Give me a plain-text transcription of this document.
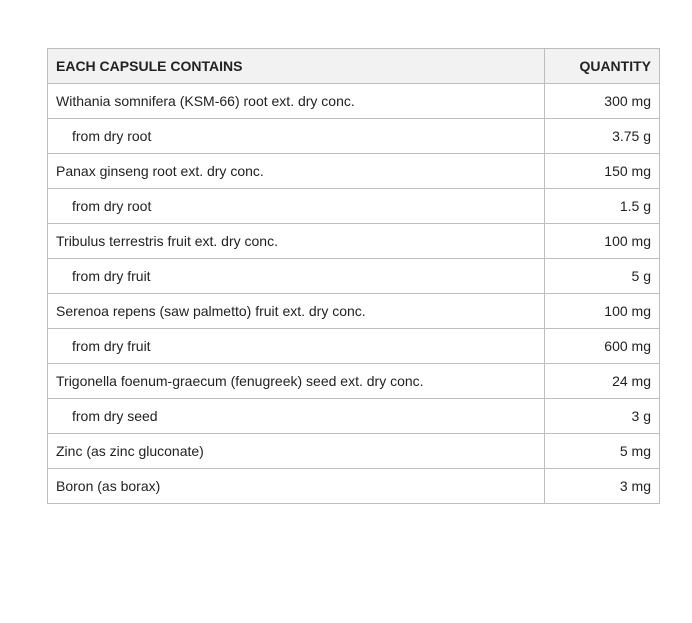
EACH CAPSULE CONTAINS	QUANTITY
Withania somnifera (KSM-66) root ext. dry conc.	300 mg
from dry root	3.75 g
Panax ginseng root ext. dry conc.	150 mg
from dry root	1.5 g
Tribulus terrestris fruit ext. dry conc.	100 mg
from dry fruit	5 g
Serenoa repens (saw palmetto) fruit ext. dry conc.	100 mg
from dry fruit	600 mg
Trigonella foenum-graecum (fenugreek) seed ext. dry conc.	24 mg
from dry seed	3 g
Zinc (as zinc gluconate)	5 mg
Boron (as borax)	3 mg
